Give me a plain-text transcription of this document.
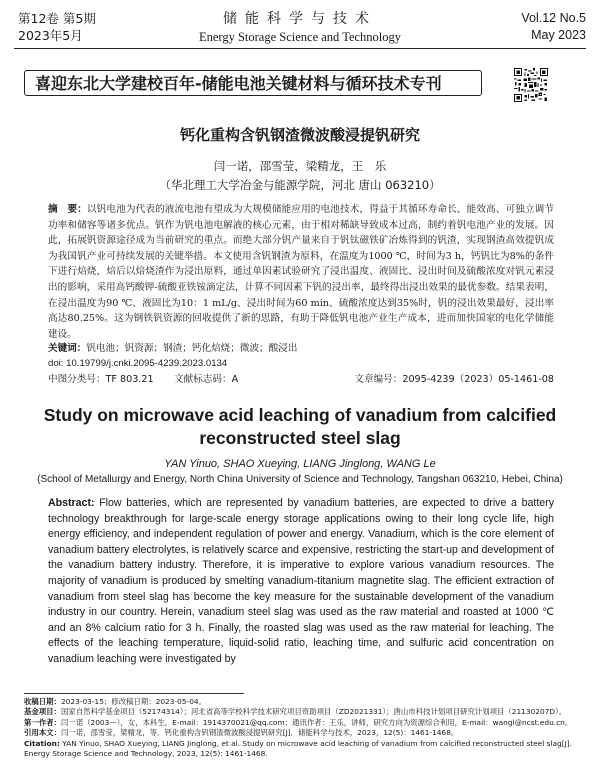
第12卷 第5期
2023年5月
储能科学与技术
Energy Storage Science and Technology
Vol.12 No.5
May 2023
喜迎东北大学建校百年-储能电池关键材料与循环技术专刊
钙化重构含钒钢渣微波酸浸提钒研究
闫一诺，邵雪莹，梁精龙，王　乐
（华北理工大学冶金与能源学院，河北 唐山 063210）
摘　要：以钒电池为代表的液流电池有望成为大规模储能应用的电池技术，得益于其循环寿命长、能效高、可独立调节功率和储容等诸多优点。钒作为钒电池电解液的核心元素，由于相对稀缺导致成本过高，制约着钒电池产业的发展。因此，拓展钒资源途径成为当前研究的重点。而绝大部分钒产量来自于钒钛磁铁矿冶炼得到的钒渣，实现钢渣高效提钒成为我国钒产业可持续发展的关键举措。本文使用含钒钢渣为原料，在温度为1000 ℃，时间为3 h，钙钒比为8%的条件下进行焙烧，焙后以焙烧渣作为浸出原料，通过单因素试验研究了浸出温度、液固比、浸出时间及硫酸浓度对钒元素浸出的影响，采用高钙酸钾-硫酸亚铁铵滴定法，计算不同因素下钒的浸出率，最终得出浸出效果的最优参数。结果表明，在浸出温度为90 ℃、液固比为10：1 mL/g、浸出时间为60 min、硫酸浓度达到35%时，钒的浸出效果最好，浸出率高达80.25%。这为钢铁钒资源的回收提供了新的思路，有助于降低钒电池产业生产成本，进而加快国家的电化学储能建设。
关键词：钒电池；钒资源；钢渣；钙化焙烧；微波；酸浸出
doi: 10.19799/j.cnki.2095-4239.2023.0134
中图分类号：TF 803.21 文献标志码：A	文章编号：2095-4239（2023）05-1461-08
Study on microwave acid leaching of vanadium from calcified reconstructed steel slag
YAN Yinuo, SHAO Xueying, LIANG Jinglong, WANG Le
(School of Metallurgy and Energy, North China University of Science and Technology, Tangshan 063210, Hebei, China)
Abstract: Flow batteries, which are represented by vanadium batteries, are expected to drive a battery technology breakthrough for large-scale energy storage applications owing to their long cycle life, high energy efficiency, and independent regulation of power and energy. Vanadium, which is the core element of vanadium battery electrolytes, is relatively scarce and expensive, restricting the start-up and development of the vanadium battery industry. Therefore, it is imperative to explore various vanadium resources. The majority of vanadium is produced by smelting vanadium-titanium magnetite slag. The efficient extraction of vanadium from steel slag has become the key measure for the sustainable development of the vanadium industry in our country. Herein, vanadium steel slag was used as the raw material and roasted at 1000 ℃ and an 8% calcium ratio for 3 h. Finally, the roasted slag was used as the raw material for leaching. The effects of the leaching temperature, liquid-solid ratio, leaching time, and sulfuric acid concentration on vanadium leaching were investigated by

收稿日期：2023-03-15；修改稿日期：2023-05-04。

基金项目：国家自然科学基金项目（52174314）；河北省高等学校科学技术研究项目资助项目（ZD2021331）；唐山市科技计划项目研究计划项目（21130207D）。

第一作者：闫一诺（2003—），女，本科生，E-mail：1914370021@qq.com；通讯作者：王乐，讲师，研究方向为资源综合利用，E-mail：wangl@ncst.edu.cn。

引用本文：闫一诺，邵雪莹，梁精龙，等．钙化重构含钒钢渣微波酸浸提钒研究[J]．储能科学与技术，2023，12(5)：1461-1468。

Citation: YAN Yinuo, SHAO Xueying, LIANG Jinglong, et al. Study on microwave acid leaching of vanadium from calcified reconstructed steel slag[J]. Energy Storage Science and Technology, 2023, 12(5): 1461-1468.
